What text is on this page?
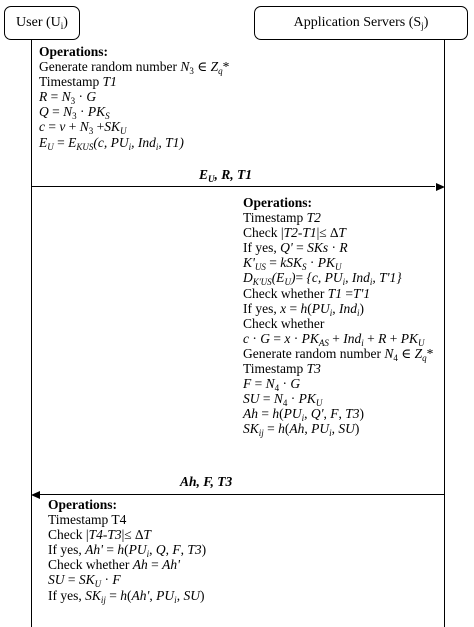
User $(U_i)$	Application Servers $(S_j)$
Operations:
Generate random number $N_3$ ∈ $Z_q*$
Timestamp T1
$R = N_3 \cdot G$
$Q = N_3 \cdot PK_S$
$c = v + N_3 +SK_U$
$E_U = E_{KUS}(c$, $PU_i$, Ind$_i$, T1)
$E_U$, R, T1
Operations:
Timestamp T2
Check |T2-T1|≤ ∆T
If yes, Q' = SKs · R
$K'_{US} = kSK_S \cdot PK_U$
$D_{K'US}(E_U)= \{c$, $PU_i$, Ind$_i$, T'1}
Check whether T1 =T'1
If yes, $x = h(PU_i$, Ind$_i$)
Check whether
$c \cdot G = x \cdot PK_{AS} + Ind_i + R + PK_U$
Generate random number $N_4$ ∈ $Z_q*$
Timestamp T3
$F = N_4 \cdot G$
SU = $N_4 \cdot PK_U$
$Ah = h(PU_i$, Q', F, T3)
$SK_{ij} = h(Ah$, $PU_i$, SU)
Ah, F, T3
Operations:
Timestamp T4
Check |T4-T3|≤ ∆T
If yes, $Ah' = h(PU_i$, Q, F, T3)
Check whether Ah = Ah'
SU = $SK_U \cdot F$
If yes, $SK_{ij} = h(Ah'$, $PU_i$, SU)
